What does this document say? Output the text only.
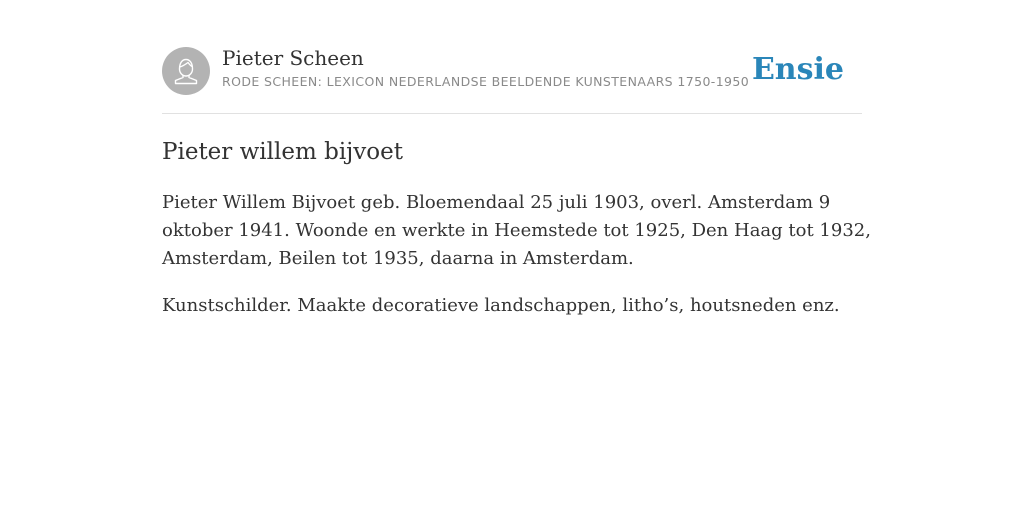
Pieter Scheen
RODE SCHEEN: LEXICON NEDERLANDSE BEELDENDE KUNSTENAARS 1750-1950 Ensie
Pieter willem bijvoet

Pieter Willem Bijvoet geb. Bloemendaal 25 juli 1903, overl. Amsterdam 9 oktober 1941. Woonde en werkte in Heemstede tot 1925, Den Haag tot 1932, Amsterdam, Beilen tot 1935, daarna in Amsterdam.

Kunstschilder. Maakte decoratieve landschappen, litho’s, houtsneden enz.
